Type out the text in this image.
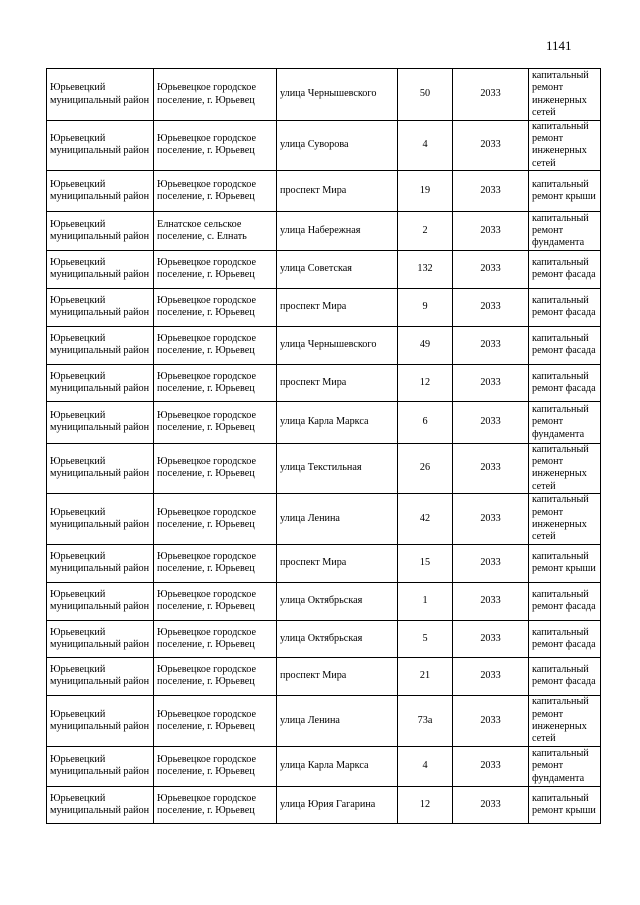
1141
Юрьевецкий муниципальный район	Юрьевецкое городское поселение, г. Юрьевец	улица Чернышевского	50	2033	капитальный ремонт инженерных сетей
Юрьевецкий муниципальный район	Юрьевецкое городское поселение, г. Юрьевец	улица Суворова	4	2033	капитальный ремонт инженерных сетей
Юрьевецкий муниципальный район	Юрьевецкое городское поселение, г. Юрьевец	проспект Мира	19	2033	капитальный ремонт крыши
Юрьевецкий муниципальный район	Елнатское сельское поселение, с. Елнать	улица Набережная	2	2033	капитальный ремонт фундамента
Юрьевецкий муниципальный район	Юрьевецкое городское поселение, г. Юрьевец	улица Советская	132	2033	капитальный ремонт фасада
Юрьевецкий муниципальный район	Юрьевецкое городское поселение, г. Юрьевец	проспект Мира	9	2033	капитальный ремонт фасада
Юрьевецкий муниципальный район	Юрьевецкое городское поселение, г. Юрьевец	улица Чернышевского	49	2033	капитальный ремонт фасада
Юрьевецкий муниципальный район	Юрьевецкое городское поселение, г. Юрьевец	проспект Мира	12	2033	капитальный ремонт фасада
Юрьевецкий муниципальный район	Юрьевецкое городское поселение, г. Юрьевец	улица Карла Маркса	6	2033	капитальный ремонт фундамента
Юрьевецкий муниципальный район	Юрьевецкое городское поселение, г. Юрьевец	улица Текстильная	26	2033	капитальный ремонт инженерных сетей
Юрьевецкий муниципальный район	Юрьевецкое городское поселение, г. Юрьевец	улица Ленина	42	2033	капитальный ремонт инженерных сетей
Юрьевецкий муниципальный район	Юрьевецкое городское поселение, г. Юрьевец	проспект Мира	15	2033	капитальный ремонт крыши
Юрьевецкий муниципальный район	Юрьевецкое городское поселение, г. Юрьевец	улица Октябрьская	1	2033	капитальный ремонт фасада
Юрьевецкий муниципальный район	Юрьевецкое городское поселение, г. Юрьевец	улица Октябрьская	5	2033	капитальный ремонт фасада
Юрьевецкий муниципальный район	Юрьевецкое городское поселение, г. Юрьевец	проспект Мира	21	2033	капитальный ремонт фасада
Юрьевецкий муниципальный район	Юрьевецкое городское поселение, г. Юрьевец	улица Ленина	73а	2033	капитальный ремонт инженерных сетей
Юрьевецкий муниципальный район	Юрьевецкое городское поселение, г. Юрьевец	улица Карла Маркса	4	2033	капитальный ремонт фундамента
Юрьевецкий муниципальный район	Юрьевецкое городское поселение, г. Юрьевец	улица Юрия Гагарина	12	2033	капитальный ремонт крыши
